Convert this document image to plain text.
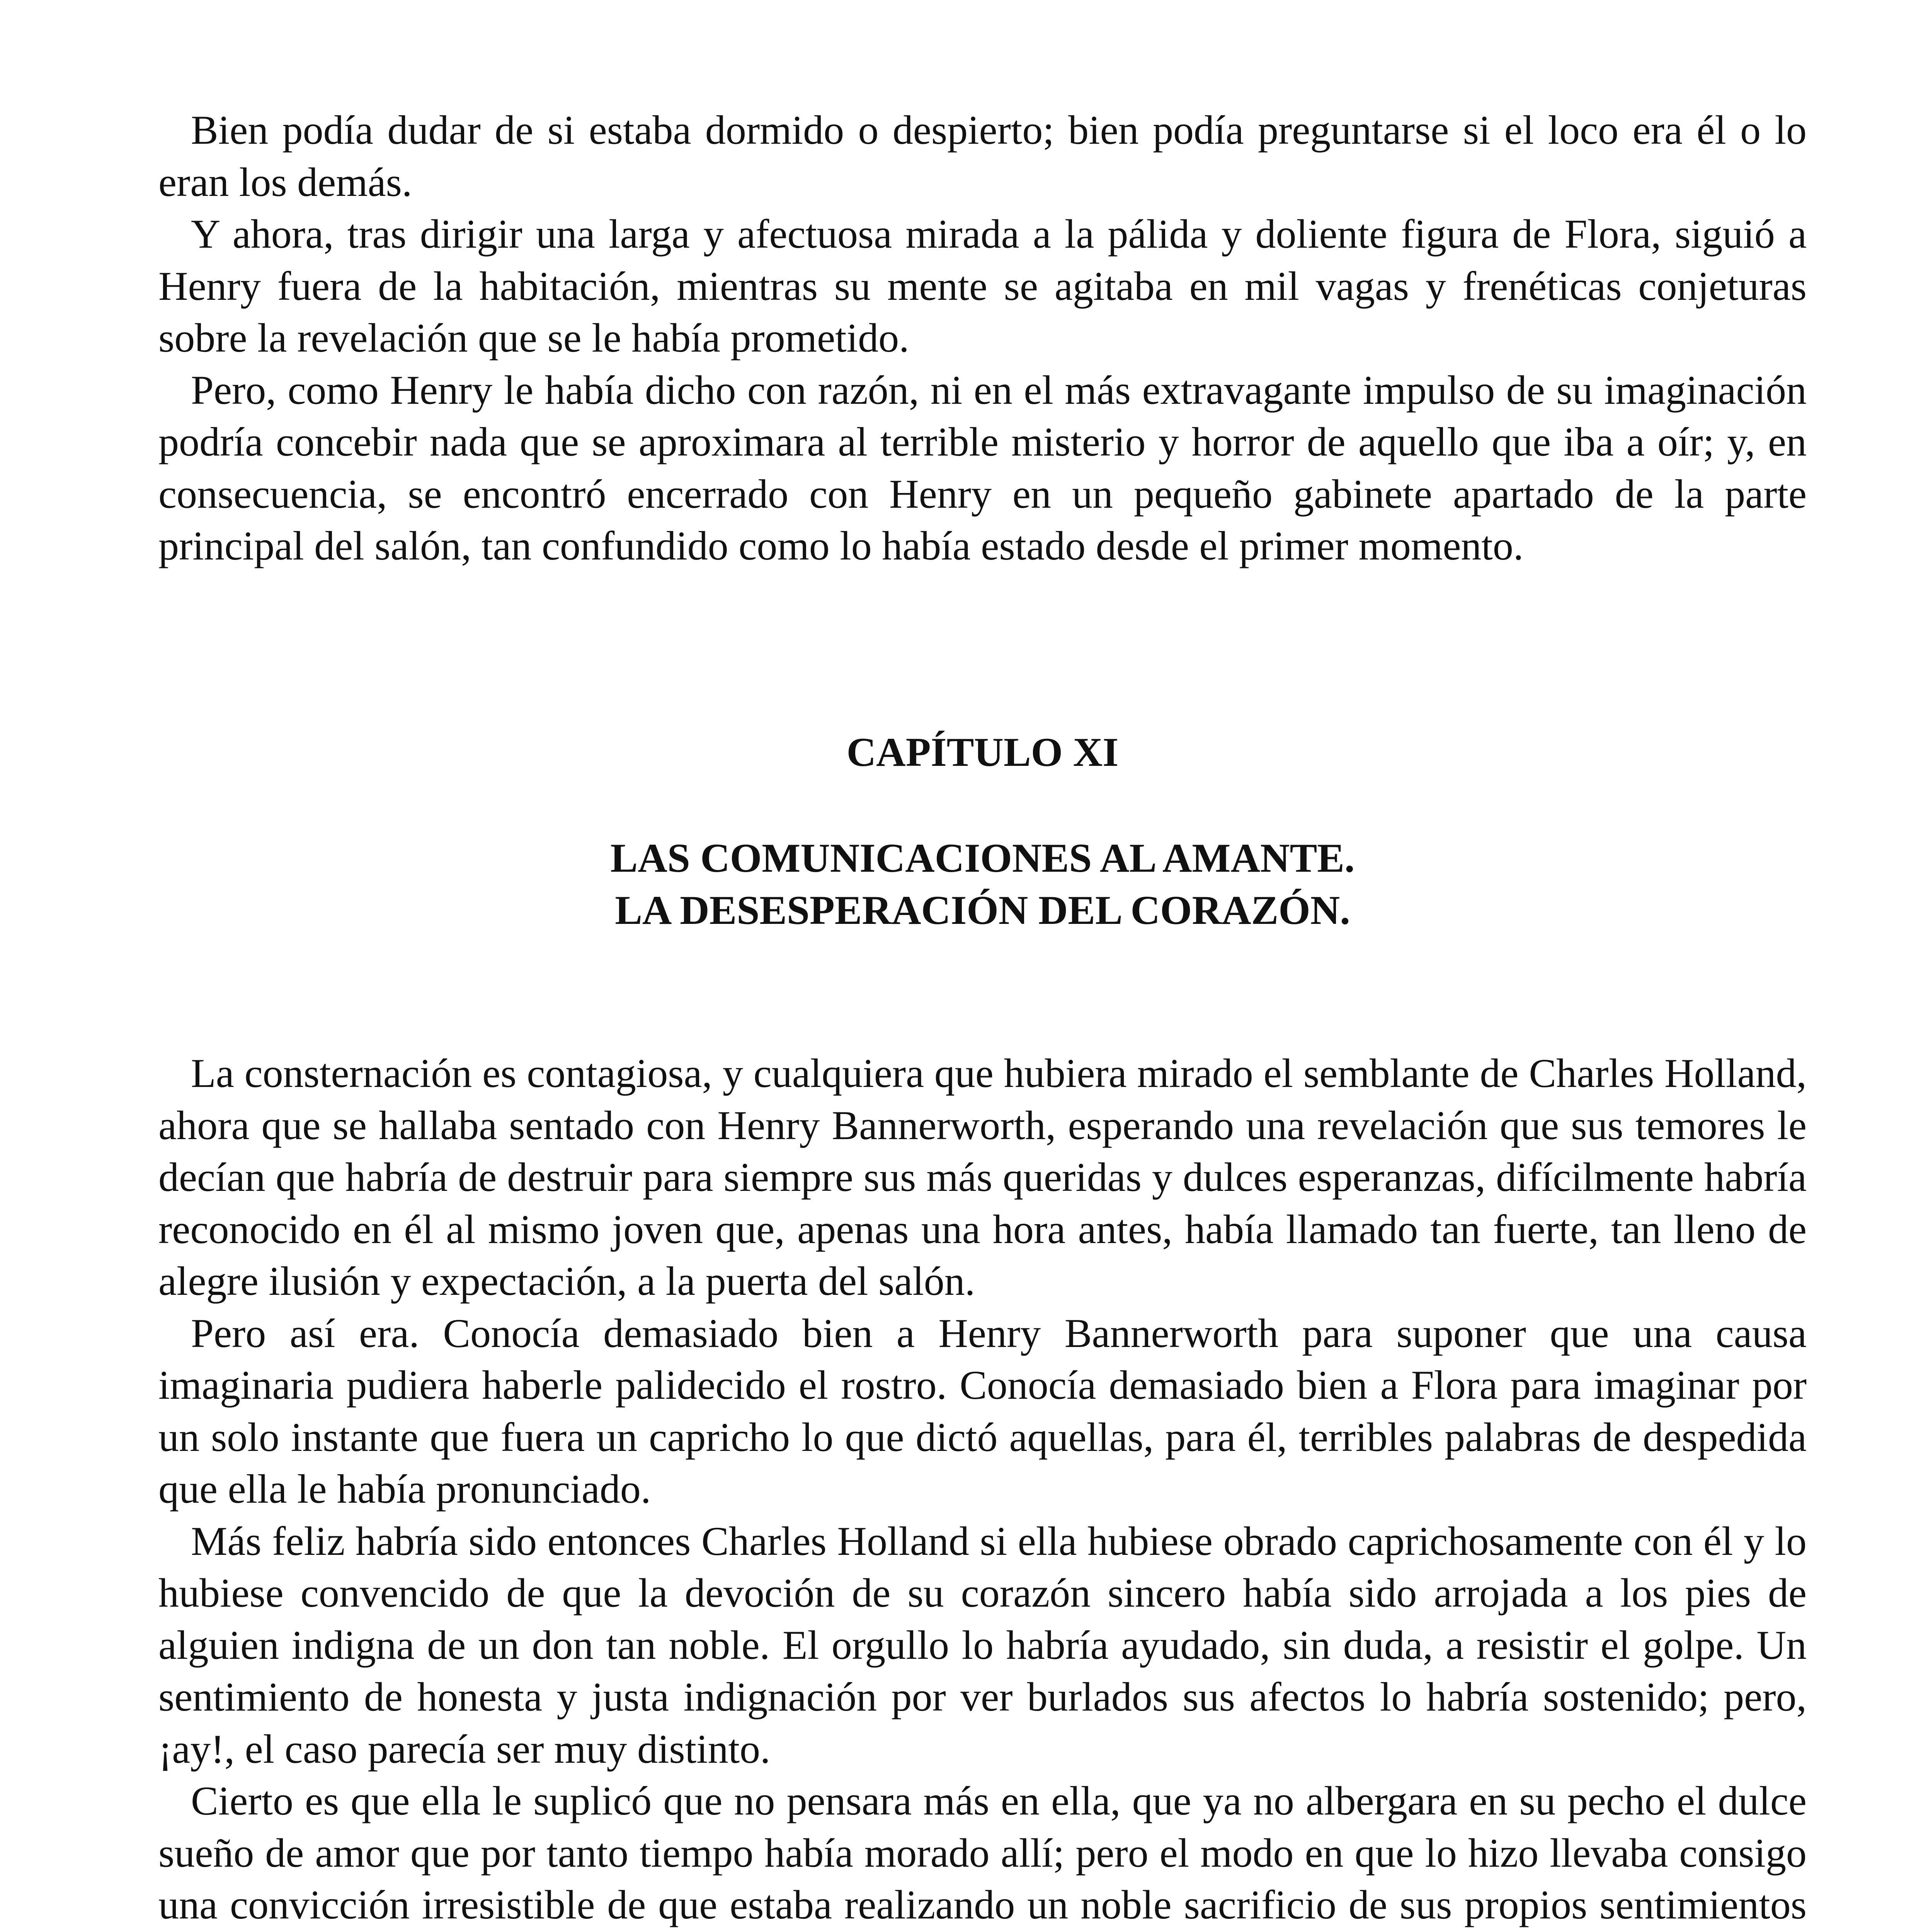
Bien podía dudar de si estaba dormido o despierto; bien podía preguntarse si el loco era él o lo eran los demás.

Y ahora, tras dirigir una larga y afectuosa mirada a la pálida y doliente figura de Flora, siguió a Henry fuera de la habitación, mientras su mente se agitaba en mil vagas y frenéticas conjeturas sobre la revelación que se le había prometido.

Pero, como Henry le había dicho con razón, ni en el más extravagante impulso de su imaginación podría concebir nada que se aproximara al terrible misterio y horror de aquello que iba a oír; y, en consecuencia, se encontró encerrado con Henry en un pequeño gabinete apartado de la parte principal del salón, tan confundido como lo había estado desde el primer momento.

CAPÍTULO XI
LAS COMUNICACIONES AL AMANTE.
LA DESESPERACIÓN DEL CORAZÓN.

La consternación es contagiosa, y cualquiera que hubiera mirado el semblante de Charles Holland, ahora que se hallaba sentado con Henry Bannerworth, esperando una revelación que sus temores le decían que habría de destruir para siempre sus más queridas y dulces esperanzas, difícilmente habría reconocido en él al mismo joven que, apenas una hora antes, había llamado tan fuerte, tan lleno de alegre ilusión y expectación, a la puerta del salón.

Pero así era. Conocía demasiado bien a Henry Bannerworth para suponer que una causa imaginaria pudiera haberle palidecido el rostro. Conocía demasiado bien a Flora para imaginar por un solo instante que fuera un capricho lo que dictó aquellas, para él, terribles palabras de despedida que ella le había pronunciado.

Más feliz habría sido entonces Charles Holland si ella hubiese obrado caprichosamente con él y lo hubiese convencido de que la devoción de su corazón sincero había sido arrojada a los pies de alguien indigna de un don tan noble. El orgullo lo habría ayudado, sin duda, a resistir el golpe. Un sentimiento de honesta y justa indignación por ver burlados sus afectos lo habría sostenido; pero, ¡ay!, el caso parecía ser muy distinto.

Cierto es que ella le suplicó que no pensara más en ella, que ya no albergara en su pecho el dulce sueño de amor que por tanto tiempo había morado allí; pero el modo en que lo hizo llevaba consigo una convicción irresistible de que estaba realizando un noble sacrificio de sus propios sentimientos
